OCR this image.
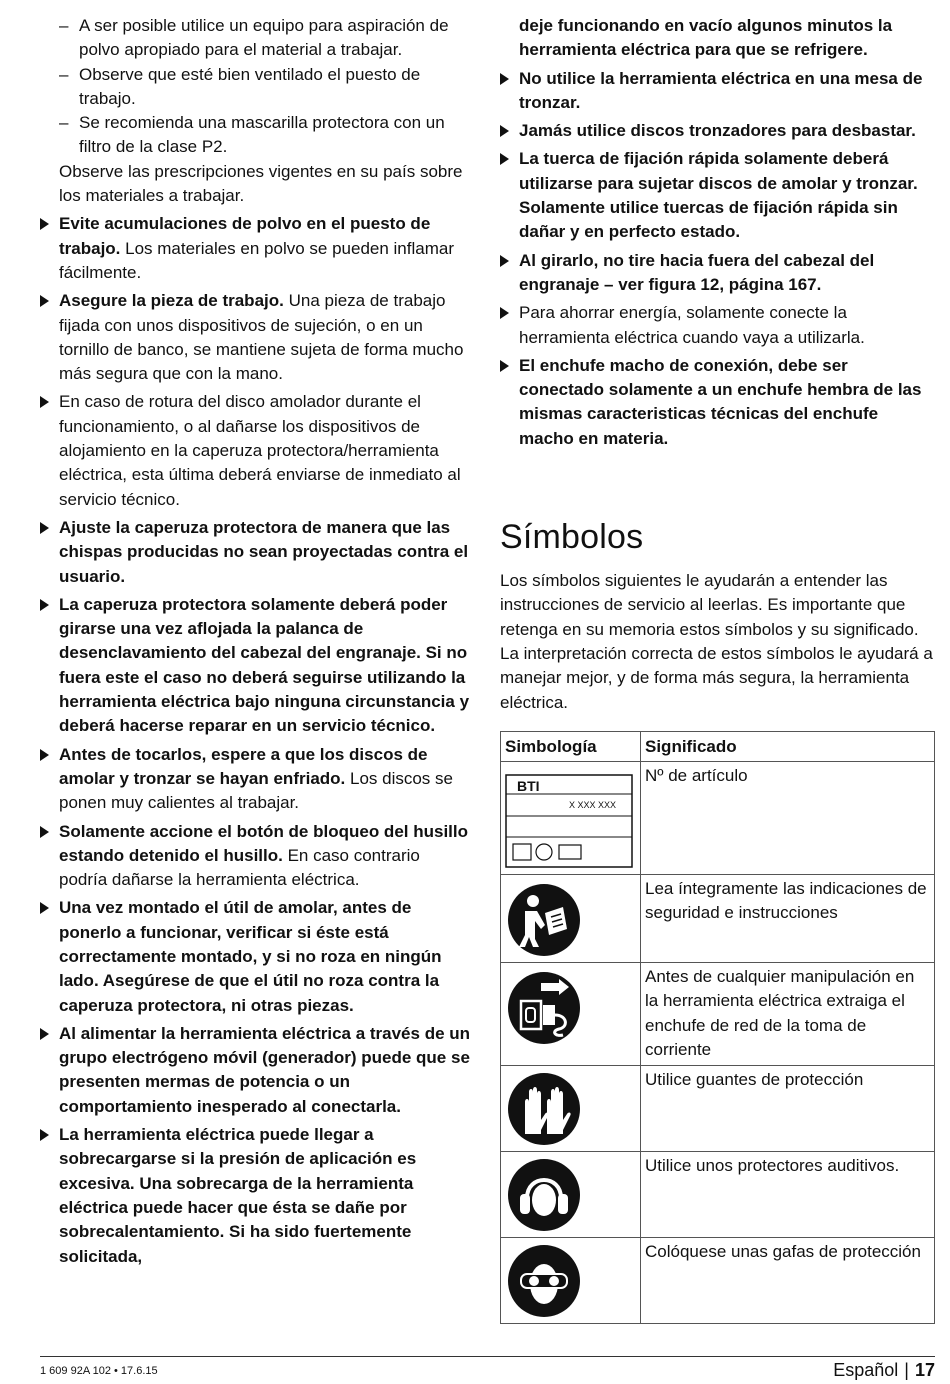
– A ser posible utilice un equipo para aspiración de polvo apropiado para el material a trabajar.
– Observe que esté bien ventilado el puesto de trabajo.
– Se recomienda una mascarilla protectora con un filtro de la clase P2.

Observe las prescripciones vigentes en su país sobre los materiales a trabajar.

Evite acumulaciones de polvo en el puesto de trabajo. Los materiales en polvo se pueden inflamar fácilmente.
Asegure la pieza de trabajo. Una pieza de trabajo fijada con unos dispositivos de sujeción, o en un tornillo de banco, se mantiene sujeta de forma mucho más segura que con la mano.
En caso de rotura del disco amolador durante el funcionamiento, o al dañarse los dispositivos de alojamiento en la caperuza protectora/herramienta eléctrica, esta última deberá enviarse de inmediato al servicio técnico.
Ajuste la caperuza protectora de manera que las chispas producidas no sean proyectadas contra el usuario.
La caperuza protectora solamente deberá poder girarse una vez aflojada la palanca de desenclavamiento del cabezal del engranaje. Si no fuera este el caso no deberá seguirse utilizando la herramienta eléctrica bajo ninguna circunstancia y deberá hacerse reparar en un servicio técnico.
Antes de tocarlos, espere a que los discos de amolar y tronzar se hayan enfriado. Los discos se ponen muy calientes al trabajar.
Solamente accione el botón de bloqueo del husillo estando detenido el husillo. En caso contrario podría dañarse la herramienta eléctrica.
Una vez montado el útil de amolar, antes de ponerlo a funcionar, verificar si éste está correctamente montado, y si no roza en ningún lado. Asegúrese de que el útil no roza contra la caperuza protectora, ni otras piezas.
Al alimentar la herramienta eléctrica a través de un grupo electrógeno móvil (generador) puede que se presenten mermas de potencia o un comportamiento inesperado al conectarla.
La herramienta eléctrica puede llegar a sobrecargarse si la presión de aplicación es excesiva. Una sobrecarga de la herramienta eléctrica puede hacer que ésta se dañe por sobrecalentamiento. Si ha sido fuertemente solicitada,

deje funcionando en vacío algunos minutos la herramienta eléctrica para que se refrigere.

No utilice la herramienta eléctrica en una mesa de tronzar.
Jamás utilice discos tronzadores para desbastar.
La tuerca de fijación rápida solamente deberá utilizarse para sujetar discos de amolar y tronzar. Solamente utilice tuercas de fijación rápida sin dañar y en perfecto estado.
Al girarlo, no tire hacia fuera del cabezal del engranaje – ver figura 12, página 167.
Para ahorrar energía, solamente conecte la herramienta eléctrica cuando vaya a utilizarla.
El enchufe macho de conexión, debe ser conectado solamente a un enchufe hembra de las mismas caracteristicas técnicas del enchufe macho en materia.
Símbolos

Los símbolos siguientes le ayudarán a entender las instrucciones de servicio al leerlas. Es importante que retenga en su memoria estos símbolos y su significado. La interpretación correcta de estos símbolos le ayudará a manejar mejor, y de forma más segura, la herramienta eléctrica.

Simbología	Significado

BTI
X XXX XXX	Nº de artículo

	Lea íntegramente las indicaciones de seguridad e instrucciones

	Antes de cualquier manipulación en la herramienta eléctrica extraiga el enchufe de red de la toma de corriente

	Utilice guantes de protección

	Utilice unos protectores auditivos.

	Colóquese unas gafas de protección
1 609 92A 102 • 17.6.15	Español | 17
